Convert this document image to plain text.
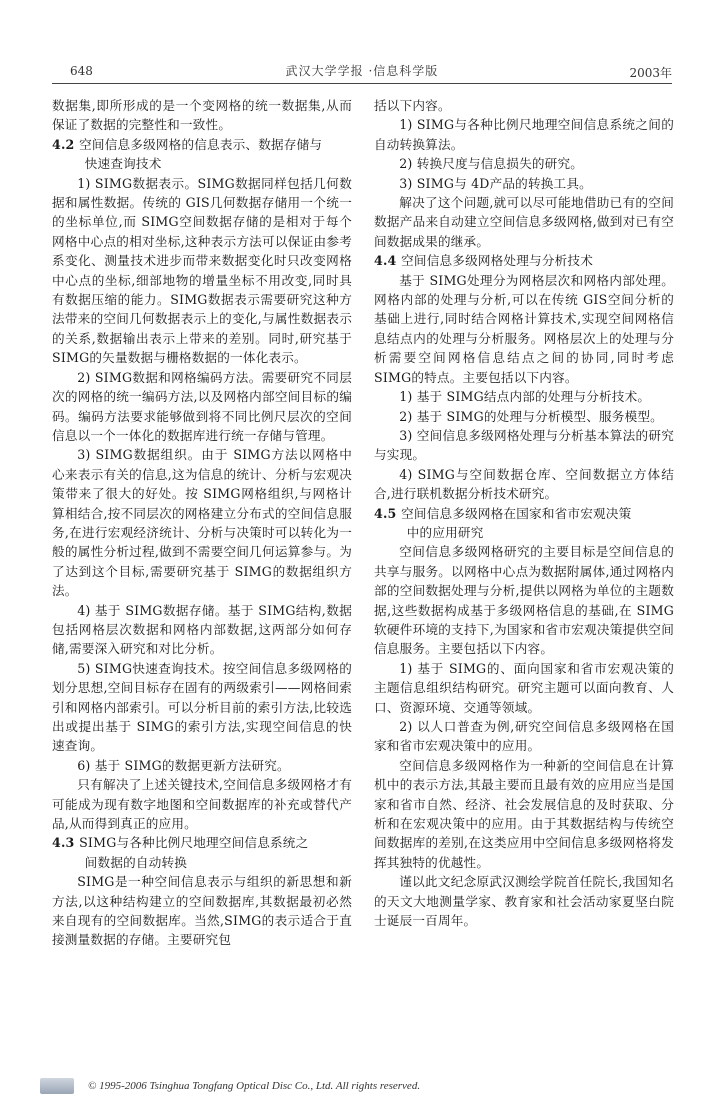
648	武汉大学学报 ·信息科学版	2003年

数据集,即所形成的是一个变网格的统一数据集,从而保证了数据的完整性和一致性。

4.2 空间信息多级网格的信息表示、数据存储与

快速查询技术

1) SIMG数据表示。SIMG数据同样包括几何数据和属性数据。传统的 GIS几何数据存储用一个统一的坐标单位,而 SIMG空间数据存储的是相对于每个网格中心点的相对坐标,这种表示方法可以保证由参考系变化、测量技术进步而带来数据变化时只改变网格中心点的坐标,细部地物的增量坐标不用改变,同时具有数据压缩的能力。SIMG数据表示需要研究这种方法带来的空间几何数据表示上的变化,与属性数据表示的关系,数据输出表示上带来的差别。同时,研究基于 SIMG的矢量数据与栅格数据的一体化表示。

2) SIMG数据和网格编码方法。需要研究不同层次的网格的统一编码方法,以及网格内部空间目标的编码。编码方法要求能够做到将不同比例尺层次的空间信息以一个一体化的数据库进行统一存储与管理。

3) SIMG数据组织。由于 SIMG方法以网格中心来表示有关的信息,这为信息的统计、分析与宏观决策带来了很大的好处。按 SIMG网格组织,与网格计算相结合,按不同层次的网格建立分布式的空间信息服务,在进行宏观经济统计、分析与决策时可以转化为一般的属性分析过程,做到不需要空间几何运算参与。为了达到这个目标,需要研究基于 SIMG的数据组织方法。

4) 基于 SIMG数据存储。基于 SIMG结构,数据包括网格层次数据和网格内部数据,这两部分如何存储,需要深入研究和对比分析。

5) SIMG快速查询技术。按空间信息多级网格的划分思想,空间目标存在固有的两级索引——网格间索引和网格内部索引。可以分析目前的索引方法,比较选出或提出基于 SIMG的索引方法,实现空间信息的快速查询。

6) 基于 SIMG的数据更新方法研究。

只有解决了上述关键技术,空间信息多级网格才有可能成为现有数字地图和空间数据库的补充或替代产品,从而得到真正的应用。

4.3 SIMG与各种比例尺地理空间信息系统之

间数据的自动转换

SIMG是一种空间信息表示与组织的新思想和新方法,以这种结构建立的空间数据库,其数据最初必然来自现有的空间数据库。当然,SIMG的表示适合于直接测量数据的存储。主要研究包

括以下内容。

1) SIMG与各种比例尺地理空间信息系统之间的自动转换算法。

2) 转换尺度与信息损失的研究。

3) SIMG与 4D产品的转换工具。

解决了这个问题,就可以尽可能地借助已有的空间数据产品来自动建立空间信息多级网格,做到对已有空间数据成果的继承。

4.4 空间信息多级网格处理与分析技术

基于 SIMG处理分为网格层次和网格内部处理。网格内部的处理与分析,可以在传统 GIS空间分析的基础上进行,同时结合网格计算技术,实现空间网格信息结点内的处理与分析服务。网格层次上的处理与分析需要空间网格信息结点之间的协同,同时考虑 SIMG的特点。主要包括以下内容。

1) 基于 SIMG结点内部的处理与分析技术。

2) 基于 SIMG的处理与分析模型、服务模型。

3) 空间信息多级网格处理与分析基本算法的研究与实现。

4) SIMG与空间数据仓库、空间数据立方体结合,进行联机数据分析技术研究。

4.5 空间信息多级网格在国家和省市宏观决策

中的应用研究

空间信息多级网格研究的主要目标是空间信息的共享与服务。以网格中心点为数据附属体,通过网格内部的空间数据处理与分析,提供以网格为单位的主题数据,这些数据构成基于多级网格信息的基础,在 SIMG软硬件环境的支持下,为国家和省市宏观决策提供空间信息服务。主要包括以下内容。

1) 基于 SIMG的、面向国家和省市宏观决策的主题信息组织结构研究。研究主题可以面向教育、人口、资源环境、交通等领域。

2) 以人口普查为例,研究空间信息多级网格在国家和省市宏观决策中的应用。

空间信息多级网格作为一种新的空间信息在计算机中的表示方法,其最主要而且最有效的应用应当是国家和省市自然、经济、社会发展信息的及时获取、分析和在宏观决策中的应用。由于其数据结构与传统空间数据库的差别,在这类应用中空间信息多级网格将发挥其独特的优越性。

谨以此文纪念原武汉测绘学院首任院长,我国知名的天文大地测量学家、教育家和社会活动家夏坚白院士诞辰一百周年。

© 1995-2006 Tsinghua Tongfang Optical Disc Co., Ltd. All rights reserved.
